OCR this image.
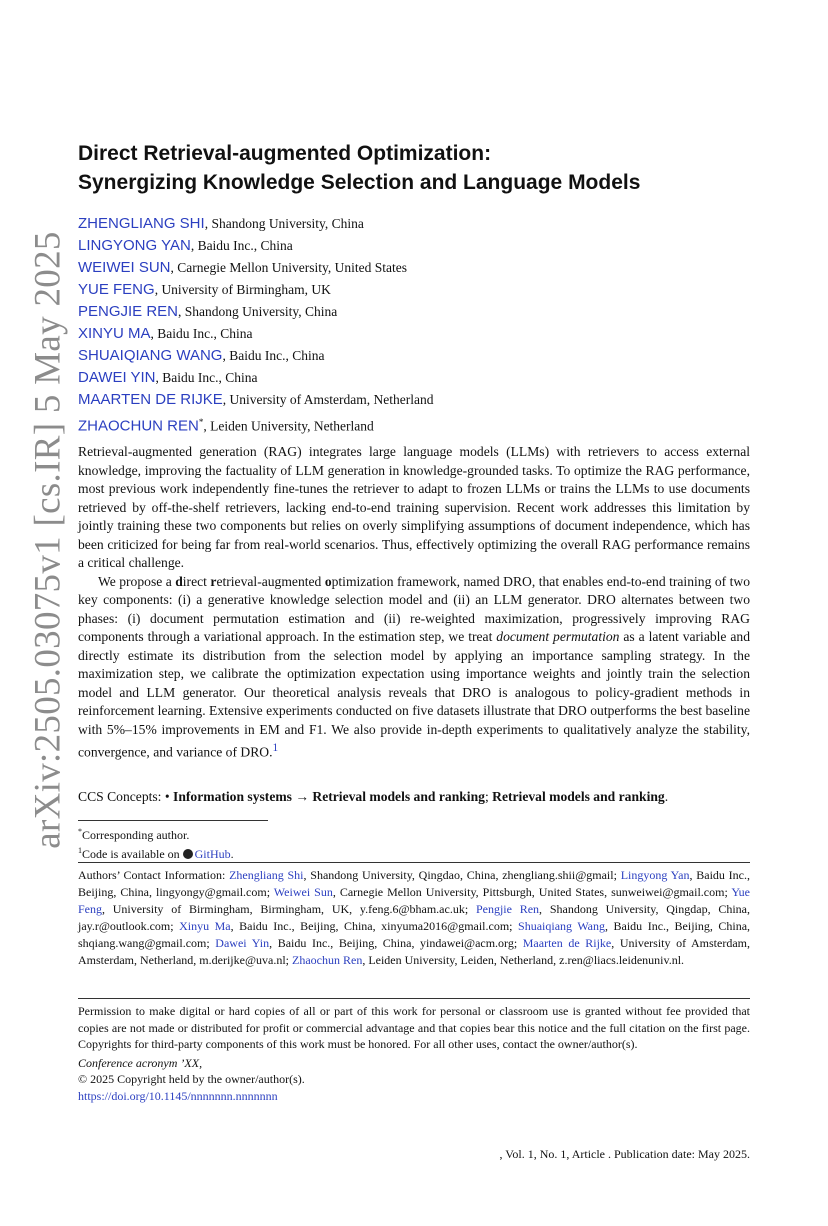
arXiv:2505.03075v1 [cs.IR] 5 May 2025
Direct Retrieval-augmented Optimization:
Synergizing Knowledge Selection and Language Models
ZHENGLIANG SHI, Shandong University, China
LINGYONG YAN, Baidu Inc., China
WEIWEI SUN, Carnegie Mellon University, United States
YUE FENG, University of Birmingham, UK
PENGJIE REN, Shandong University, China
XINYU MA, Baidu Inc., China
SHUAIQIANG WANG, Baidu Inc., China
DAWEI YIN, Baidu Inc., China
MAARTEN DE RIJKE, University of Amsterdam, Netherland
ZHAOCHUN REN*, Leiden University, Netherland

Retrieval-augmented generation (RAG) integrates large language models (LLMs) with retrievers to access external knowledge, improving the factuality of LLM generation in knowledge-grounded tasks. To optimize the RAG performance, most previous work independently fine-tunes the retriever to adapt to frozen LLMs or trains the LLMs to use documents retrieved by off-the-shelf retrievers, lacking end-to-end training supervision. Recent work addresses this limitation by jointly training these two components but relies on overly simplifying assumptions of document independence, which has been criticized for being far from real-world scenarios. Thus, effectively optimizing the overall RAG performance remains a critical challenge.

We propose a direct retrieval-augmented optimization framework, named DRO, that enables end-to-end training of two key components: (i) a generative knowledge selection model and (ii) an LLM generator. DRO alternates between two phases: (i) document permutation estimation and (ii) re-weighted maximization, progressively improving RAG components through a variational approach. In the estimation step, we treat document permutation as a latent variable and directly estimate its distribution from the selection model by applying an importance sampling strategy. In the maximization step, we calibrate the optimization expectation using importance weights and jointly train the selection model and LLM generator. Our theoretical analysis reveals that DRO is analogous to policy-gradient methods in reinforcement learning. Extensive experiments conducted on five datasets illustrate that DRO outperforms the best baseline with 5%–15% improvements in EM and F1. We also provide in-depth experiments to qualitatively analyze the stability, convergence, and variance of DRO.$^1$

CCS Concepts: • Information systems → Retrieval models and ranking; Retrieval models and ranking.
*Corresponding author.
$^1$Code is available on GitHub.
Authors’ Contact Information: Zhengliang Shi, Shandong University, Qingdao, China, zhengliang.shii@gmail; Lingyong Yan, Baidu Inc., Beijing, China, lingyongy@gmail.com; Weiwei Sun, Carnegie Mellon University, Pittsburgh, United States, sunweiwei@gmail.com; Yue Feng, University of Birmingham, Birmingham, UK, y.feng.6@bham.ac.uk; Pengjie Ren, Shandong University, Qingdap, China, jay.r@outlook.com; Xinyu Ma, Baidu Inc., Beijing, China, xinyuma2016@gmail.com; Shuaiqiang Wang, Baidu Inc., Beijing, China, shqiang.wang@gmail.com; Dawei Yin, Baidu Inc., Beijing, China, yindawei@acm.org; Maarten de Rijke, University of Amsterdam, Amsterdam, Netherland, m.derijke@uva.nl; Zhaochun Ren, Leiden University, Leiden, Netherland, z.ren@liacs.leidenuniv.nl.

Permission to make digital or hard copies of all or part of this work for personal or classroom use is granted without fee provided that copies are not made or distributed for profit or commercial advantage and that copies bear this notice and the full citation on the first page. Copyrights for third-party components of this work must be honored. For all other uses, contact the owner/author(s).

Conference acronym ’XX,
© 2025 Copyright held by the owner/author(s).
https://doi.org/10.1145/nnnnnnn.nnnnnnn
, Vol. 1, No. 1, Article . Publication date: May 2025.
